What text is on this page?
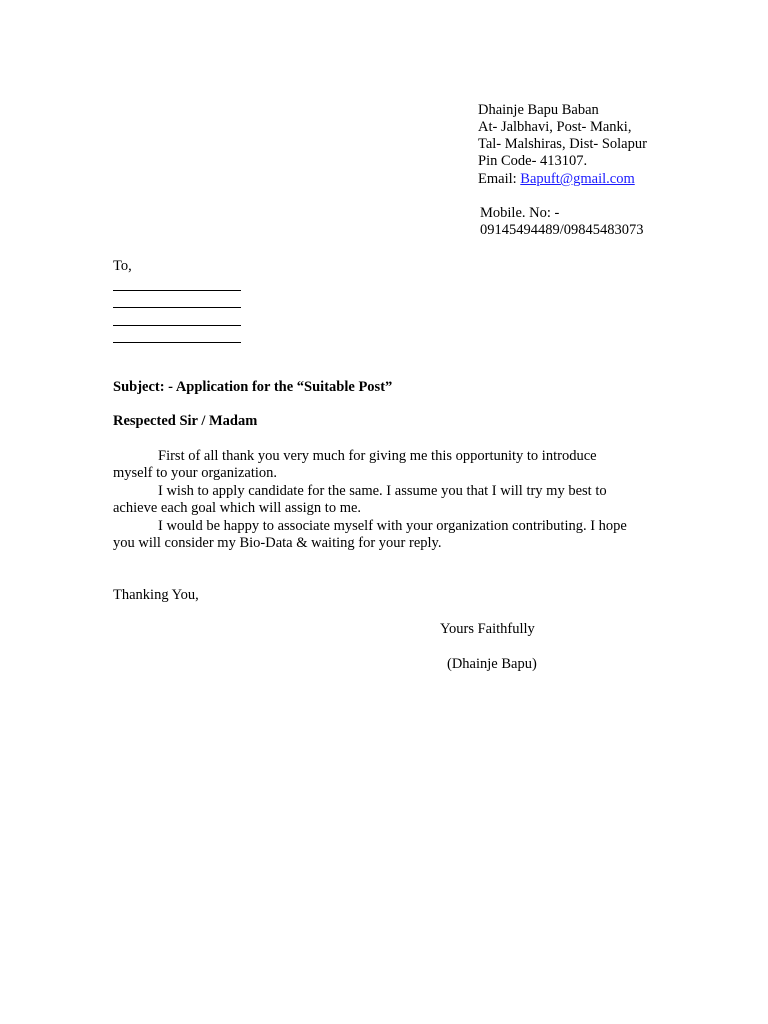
Dhainje Bapu Baban
At- Jalbhavi, Post- Manki,
Tal- Malshiras, Dist- Solapur
Pin Code- 413107.
Email: Bapuft@gmail.com
Mobile. No: -
09145494489/09845483073
To,
Subject: - Application for the “Suitable Post”
Respected Sir / Madam
First of all thank you very much for giving me this opportunity to introduce
myself to your organization.
I wish to apply candidate for the same. I assume you that I will try my best to
achieve each goal which will assign to me.
I would be happy to associate myself with your organization contributing. I hope
you will consider my Bio-Data & waiting for your reply.
Thanking You,
Yours Faithfully
(Dhainje Bapu)
